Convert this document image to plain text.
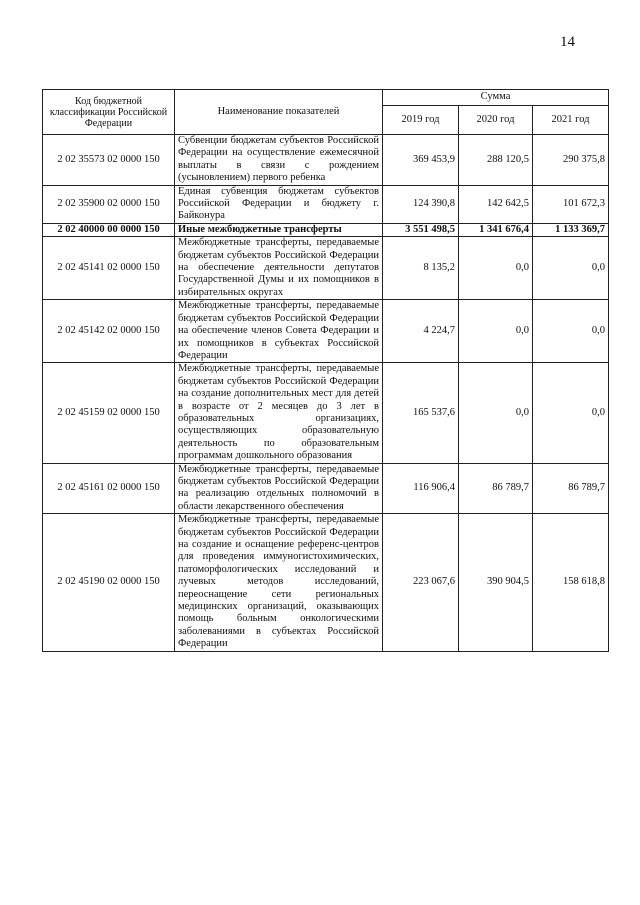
14
Код бюджетной классификации Российской Федерации	Наименование показателей	Сумма		
		2019 год	2020 год	2021 год
2 02 35573 02 0000 150	Субвенции бюджетам субъектов Российской Федерации на осуществление ежемесячной выплаты в связи с рождением (усыновлением) первого ребенка	369 453,9	288 120,5	290 375,8
2 02 35900 02 0000 150	Единая субвенция бюджетам субъектов Российской Федерации и бюджету г. Байконура	124 390,8	142 642,5	101 672,3
2 02 40000 00 0000 150	Иные межбюджетные трансферты	3 551 498,5	1 341 676,4	1 133 369,7
2 02 45141 02 0000 150	Межбюджетные трансферты, передаваемые бюджетам субъектов Российской Федерации на обеспечение деятельности депутатов Государственной Думы и их помощников в избирательных округах	8 135,2	0,0	0,0
2 02 45142 02 0000 150	Межбюджетные трансферты, передаваемые бюджетам субъектов Российской Федерации на обеспечение членов Совета Федерации и их помощников в субъектах Российской Федерации	4 224,7	0,0	0,0
2 02 45159 02 0000 150	Межбюджетные трансферты, передаваемые бюджетам субъектов Российской Федерации на создание дополнительных мест для детей в возрасте от 2 месяцев до 3 лет в образовательных организациях, осуществляющих образовательную деятельность по образовательным программам дошкольного образования	165 537,6	0,0	0,0
2 02 45161 02 0000 150	Межбюджетные трансферты, передаваемые бюджетам субъектов Российской Федерации на реализацию отдельных полномочий в области лекарственного обеспечения	116 906,4	86 789,7	86 789,7
2 02 45190 02 0000 150	Межбюджетные трансферты, передаваемые бюджетам субъектов Российской Федерации на создание и оснащение референс-центров для проведения иммуногистохимических, патоморфологических исследований и лучевых методов исследований, переоснащение сети региональных медицинских организаций, оказывающих помощь больным онкологическими заболеваниями в субъектах Российской Федерации	223 067,6	390 904,5	158 618,8
